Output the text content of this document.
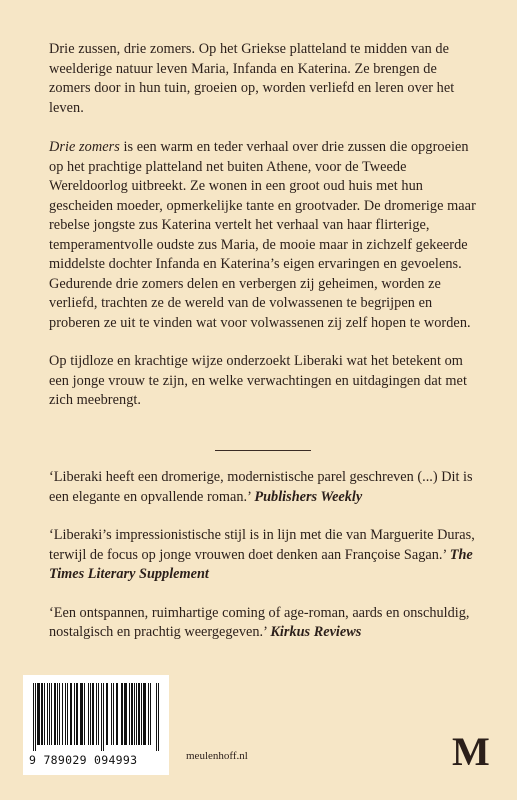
Drie zussen, drie zomers. Op het Griekse platteland te midden van de weelderige natuur leven Maria, Infanda en Katerina. Ze brengen de zomers door in hun tuin, groeien op, worden verliefd en leren over het leven.

Drie zomers is een warm en teder verhaal over drie zussen die opgroeien op het prachtige platteland net buiten Athene, voor de Tweede Wereldoorlog uitbreekt. Ze wonen in een groot oud huis met hun gescheiden moeder, opmerkelijke tante en grootvader. De dromerige maar rebelse jongste zus Katerina vertelt het verhaal van haar flirterige, temperamentvolle oudste zus Maria, de mooie maar in zichzelf gekeerde middelste dochter Infanda en Katerina’s eigen ervaringen en gevoelens. Gedurende drie zomers delen en verbergen zij geheimen, worden ze verliefd, trachten ze de wereld van de volwassenen te begrijpen en proberen ze uit te vinden wat voor volwassenen zij zelf hopen te worden.

Op tijdloze en krachtige wijze onderzoekt Liberaki wat het betekent om een jonge vrouw te zijn, en welke verwachtingen en uitdagingen dat met zich meebrengt.

‘Liberaki heeft een dromerige, modernistische parel geschreven (...) Dit is een elegante en opvallende roman.’ Publishers Weekly

‘Liberaki’s impressionistische stijl is in lijn met die van Marguerite Duras, terwijl de focus op jonge vrouwen doet denken aan Françoise Sagan.’ The Times Literary Supplement

‘Een ontspannen, ruimhartige coming of age-roman, aards en onschuldig, nostalgisch en prachtig weergegeven.’ Kirkus Reviews

9 789029 094993	meulenhoff.nl	M
